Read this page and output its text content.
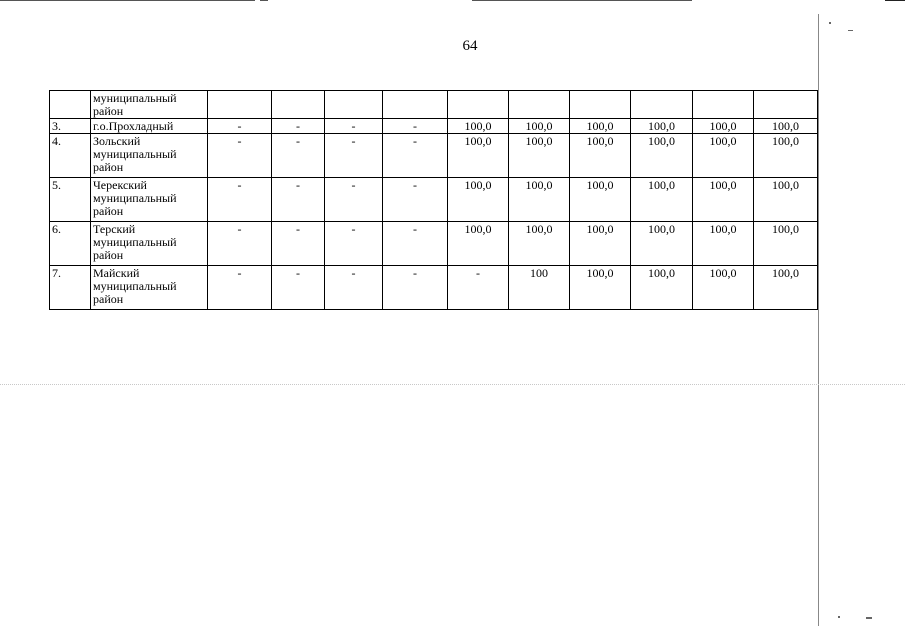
64
	муниципальный район										
3.	г.о.Прохладный	-	-	-	-	100,0	100,0	100,0	100,0	100,0	100,0
4.	Зольский муниципальный район	-	-	-	-	100,0	100,0	100,0	100,0	100,0	100,0
5.	Черекский муниципальный район	-	-	-	-	100,0	100,0	100,0	100,0	100,0	100,0
6.	Терский муниципальный район	-	-	-	-	100,0	100,0	100,0	100,0	100,0	100,0
7.	Майский муниципальный район	-	-	-	-	-	100	100,0	100,0	100,0	100,0
